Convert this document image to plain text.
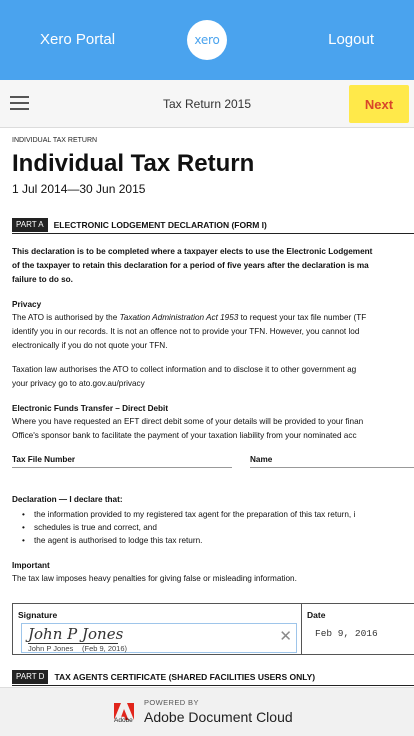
Xero Portal	xero	Logout
Tax Return 2015	Next
INDIVIDUAL TAX RETURN
Individual Tax Return
1 Jul 2014—30 Jun 2015
PART A	ELECTRONIC LODGEMENT DECLARATION (FORM I)
This declaration is to be completed where a taxpayer elects to use the Electronic Lodgement
of the taxpayer to retain this declaration for a period of five years after the declaration is ma
failure to do so.
Privacy
The ATO is authorised by the Taxation Administration Act 1953 to request your tax file number (TF
identify you in our records. It is not an offence not to provide your TFN. However, you cannot lod
electronically if you do not quote your TFN.
Taxation law authorises the ATO to collect information and to disclose it to other government ag
your privacy go to ato.gov.au/privacy
Electronic Funds Transfer – Direct Debit
Where you have requested an EFT direct debit some of your details will be provided to your finan
Office's sponsor bank to facilitate the payment of your taxation liability from your nominated acc
Tax File Number	Name
Declaration — I declare that:
• the information provided to my registered tax agent for the preparation of this tax return, i
• schedules is true and correct, and
• the agent is authorised to lodge this tax return.
Important
The tax law imposes heavy penalties for giving false or misleading information.
Signature
John P Jones
John P Jones (Feb 9, 2016)
✕
Date
Feb 9, 2016
PART D	TAX AGENTS CERTIFICATE (SHARED FACILITIES USERS ONLY)
Adobe
POWERED BY
Adobe Document Cloud
